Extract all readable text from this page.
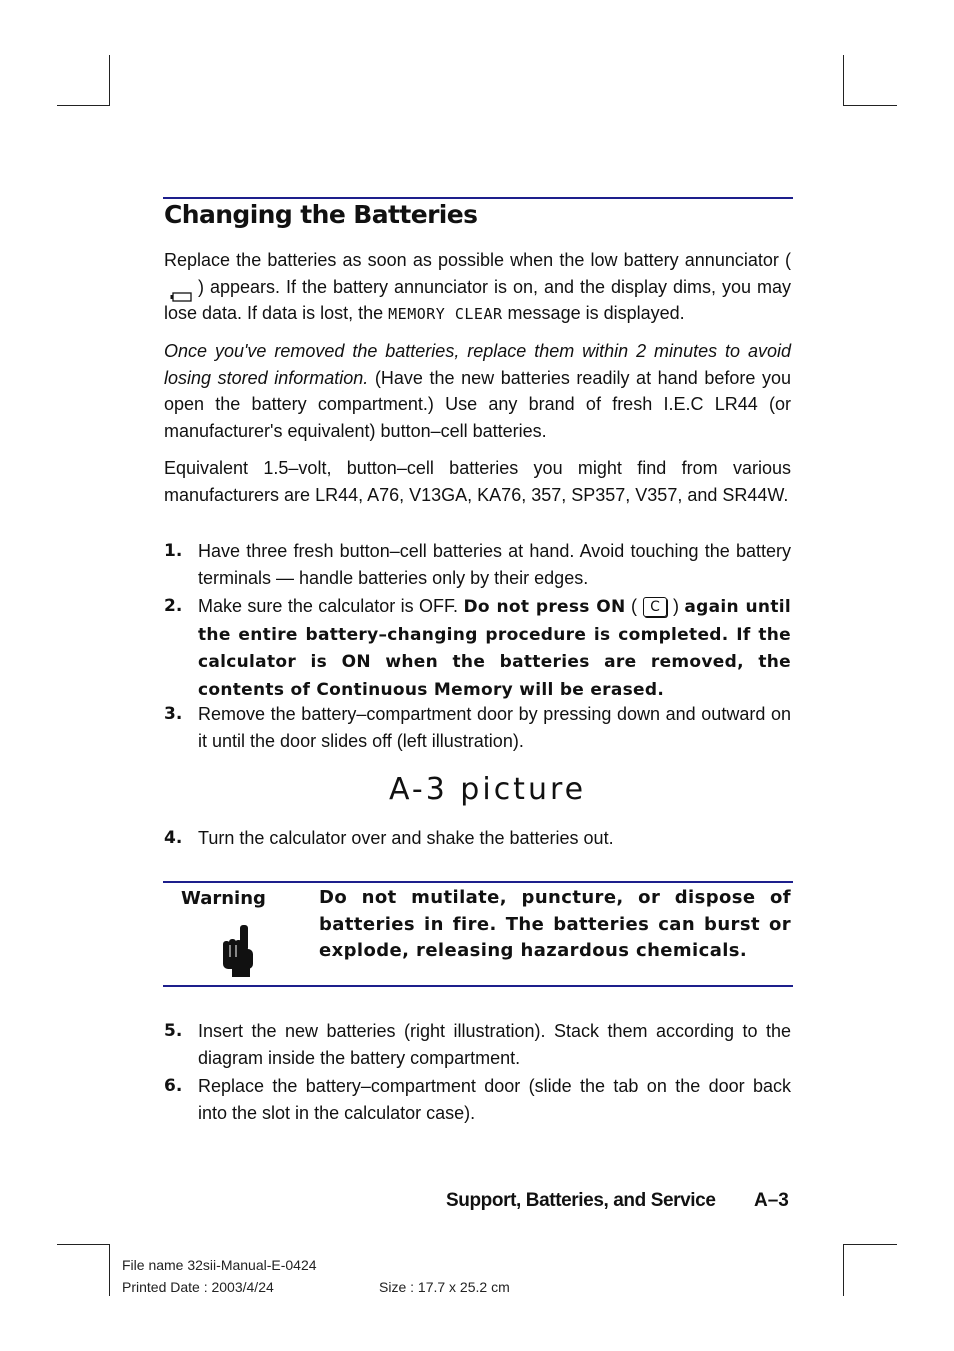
Changing the Batteries

Replace the batteries as soon as possible when the low battery annunciator () appears. If the battery annunciator is on, and the display dims, you may lose data. If data is lost, the MEMORY CLEAR message is displayed.

Once you've removed the batteries, replace them within 2 minutes to avoid losing stored information. (Have the new batteries readily at hand before you open the battery compartment.) Use any brand of fresh I.E.C LR44 (or manufacturer's equivalent) button–cell batteries.

Equivalent 1.5–volt, button–cell batteries you might find from various manufacturers are LR44, A76, V13GA, KA76, 357, SP357, V357, and SR44W.

1. Have three fresh button–cell batteries at hand. Avoid touching the battery terminals — handle batteries only by their edges.
2. Make sure the calculator is OFF. Do not press ON ( C ) again until the entire battery–changing procedure is completed. If the calculator is ON when the batteries are removed, the contents of Continuous Memory will be erased.
3. Remove the battery–compartment door by pressing down and outward on it until the door slides off (left illustration).
A-3 picture
4. Turn the calculator over and shake the batteries out.
Warning	Do not mutilate, puncture, or dispose of batteries in fire. The batteries can burst or explode, releasing hazardous chemicals.
5. Insert the new batteries (right illustration). Stack them according to the diagram inside the battery compartment.
6. Replace the battery–compartment door (slide the tab on the door back into the slot in the calculator case).
Support, Batteries, and Service A–3
File name 32sii-Manual-E-0424
Printed Date : 2003/4/24	Size : 17.7 x 25.2 cm
